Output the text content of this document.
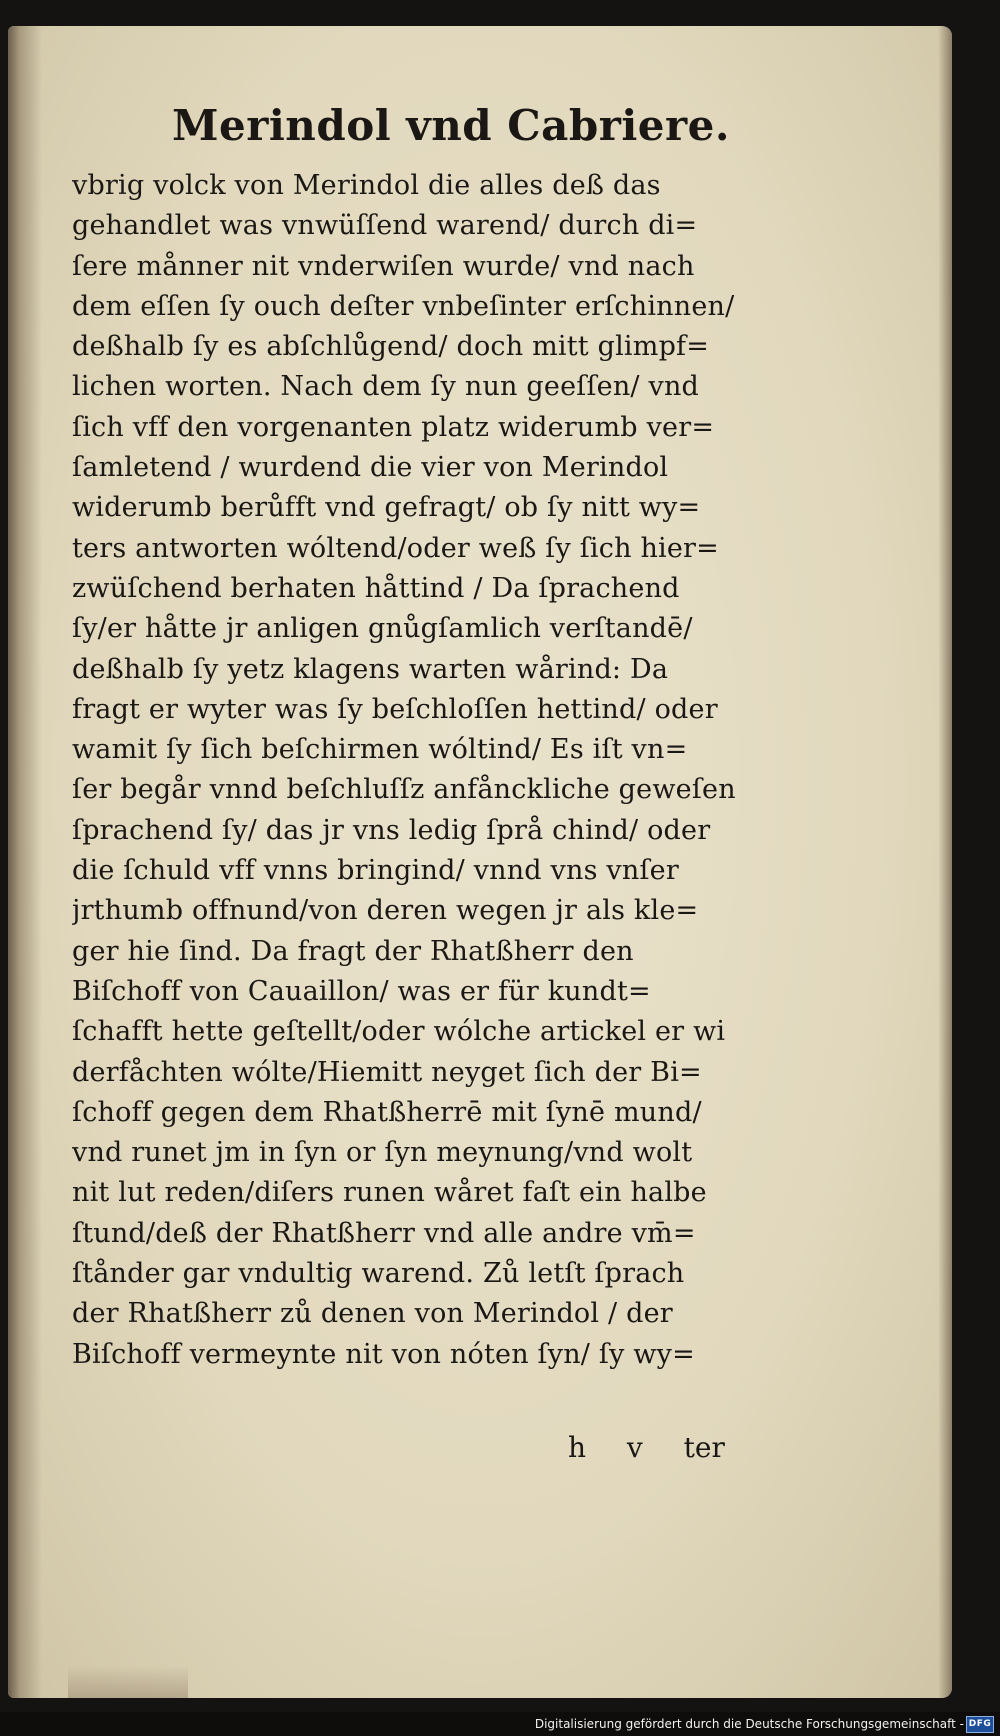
Merindol vnd Cabriere.
vbrig volck von Merindol die alles deß das
gehandlet was vnwüſſend warend/ durch di=
ſere månner nit vnderwiſen wurde/ vnd nach
dem eſſen ſy ouch deſter vnbeſinter erſchinnen/
deßhalb ſy es abſchlůgend/ doch mitt glimpf=
lichen worten. Nach dem ſy nun geeſſen/ vnd
ſich vff den vorgenanten platz widerumb ver=
ſamletend / wurdend die vier von Merindol
widerumb berůfft vnd gefragt/ ob ſy nitt wy=
ters antworten wóltend/oder weß ſy ſich hier=
zwüſchend berhaten håttind / Da ſprachend
ſy/er håtte jr anligen gnůgſamlich verſtandē/
deßhalb ſy yetz klagens warten wårind: Da
fragt er wyter was ſy beſchloſſen hettind/ oder
wamit ſy ſich beſchirmen wóltind/ Es iſt vn=
ſer begår vnnd beſchluſſz anfånckliche geweſen
ſprachend ſy/ das jr vns ledig ſprå chind/ oder
die ſchuld vff vnns bringind/ vnnd vns vnſer
jrthumb offnund/von deren wegen jr als kle=
ger hie ſind. Da fragt der Rhatßherr den
Biſchoff von Cauaillon/ was er für kundt=
ſchafft hette geſtellt/oder wólche artickel er wi
derfåchten wólte/Hiemitt neyget ſich der Bi=
ſchoff gegen dem Rhatßherrē mit ſynē mund/
vnd runet jm in ſyn or ſyn meynung/vnd wolt
nit lut reden/diſers runen wåret faſt ein halbe
ſtund/deß der Rhatßherr vnd alle andre vm̄=
ſtånder gar vndultig warend. Zů letſt ſprach
der Rhatßherr zů denen von Merindol / der
Biſchoff vermeynte nit von nóten ſyn/ ſy wy=
h v ter
Digitalisierung gefördert durch die Deutsche Forschungsgemeinschaft - DFG
